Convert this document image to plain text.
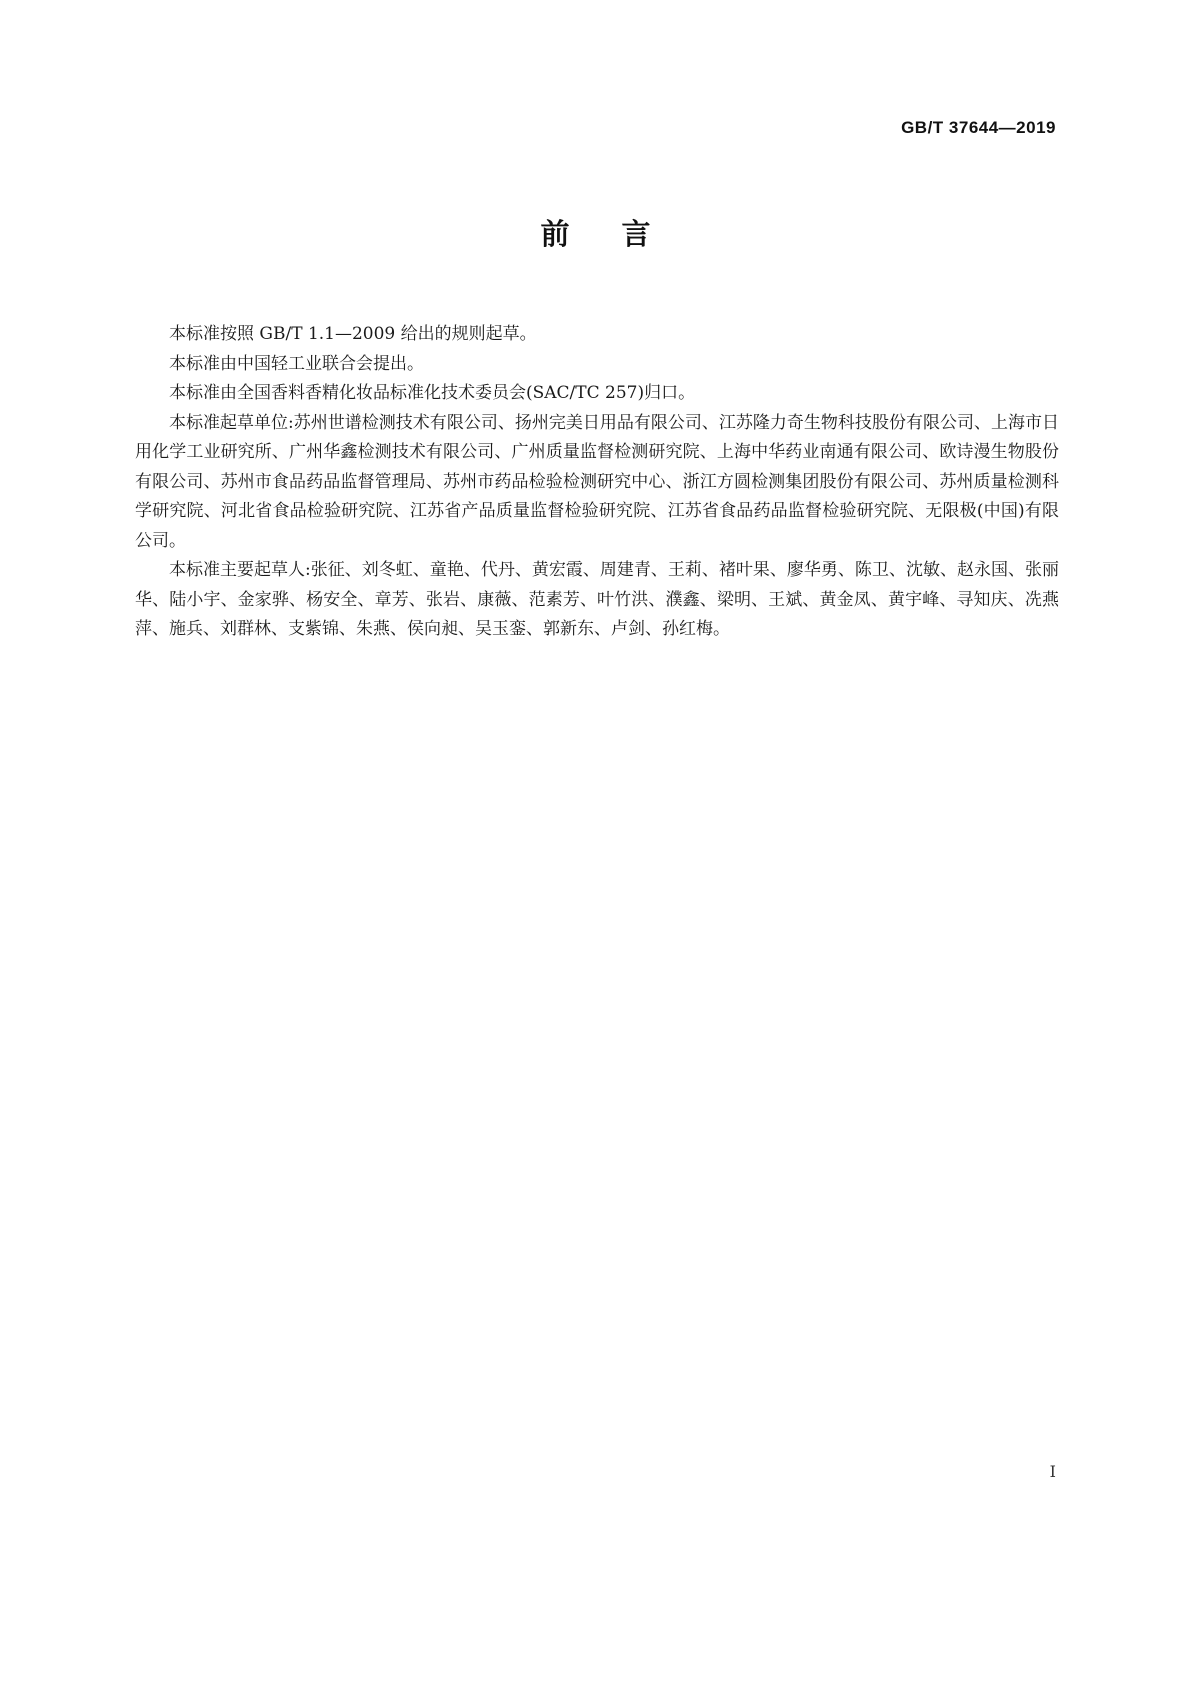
GB/T 37644—2019
前言

本标准按照 GB/T 1.1—2009 给出的规则起草。

本标准由中国轻工业联合会提出。

本标准由全国香料香精化妆品标准化技术委员会(SAC/TC 257)归口。

本标准起草单位:苏州世谱检测技术有限公司、扬州完美日用品有限公司、江苏隆力奇生物科技股份有限公司、上海市日用化学工业研究所、广州华鑫检测技术有限公司、广州质量监督检测研究院、上海中华药业南通有限公司、欧诗漫生物股份有限公司、苏州市食品药品监督管理局、苏州市药品检验检测研究中心、浙江方圆检测集团股份有限公司、苏州质量检测科学研究院、河北省食品检验研究院、江苏省产品质量监督检验研究院、江苏省食品药品监督检验研究院、无限极(中国)有限公司。

本标准主要起草人:张征、刘冬虹、童艳、代丹、黄宏霞、周建青、王莉、褚叶果、廖华勇、陈卫、沈敏、赵永国、张丽华、陆小宇、金家骅、杨安全、章芳、张岩、康薇、范素芳、叶竹洪、濮鑫、梁明、王斌、黄金凤、黄宇峰、寻知庆、冼燕萍、施兵、刘群林、支紫锦、朱燕、侯向昶、吴玉銮、郭新东、卢剑、孙红梅。

I
